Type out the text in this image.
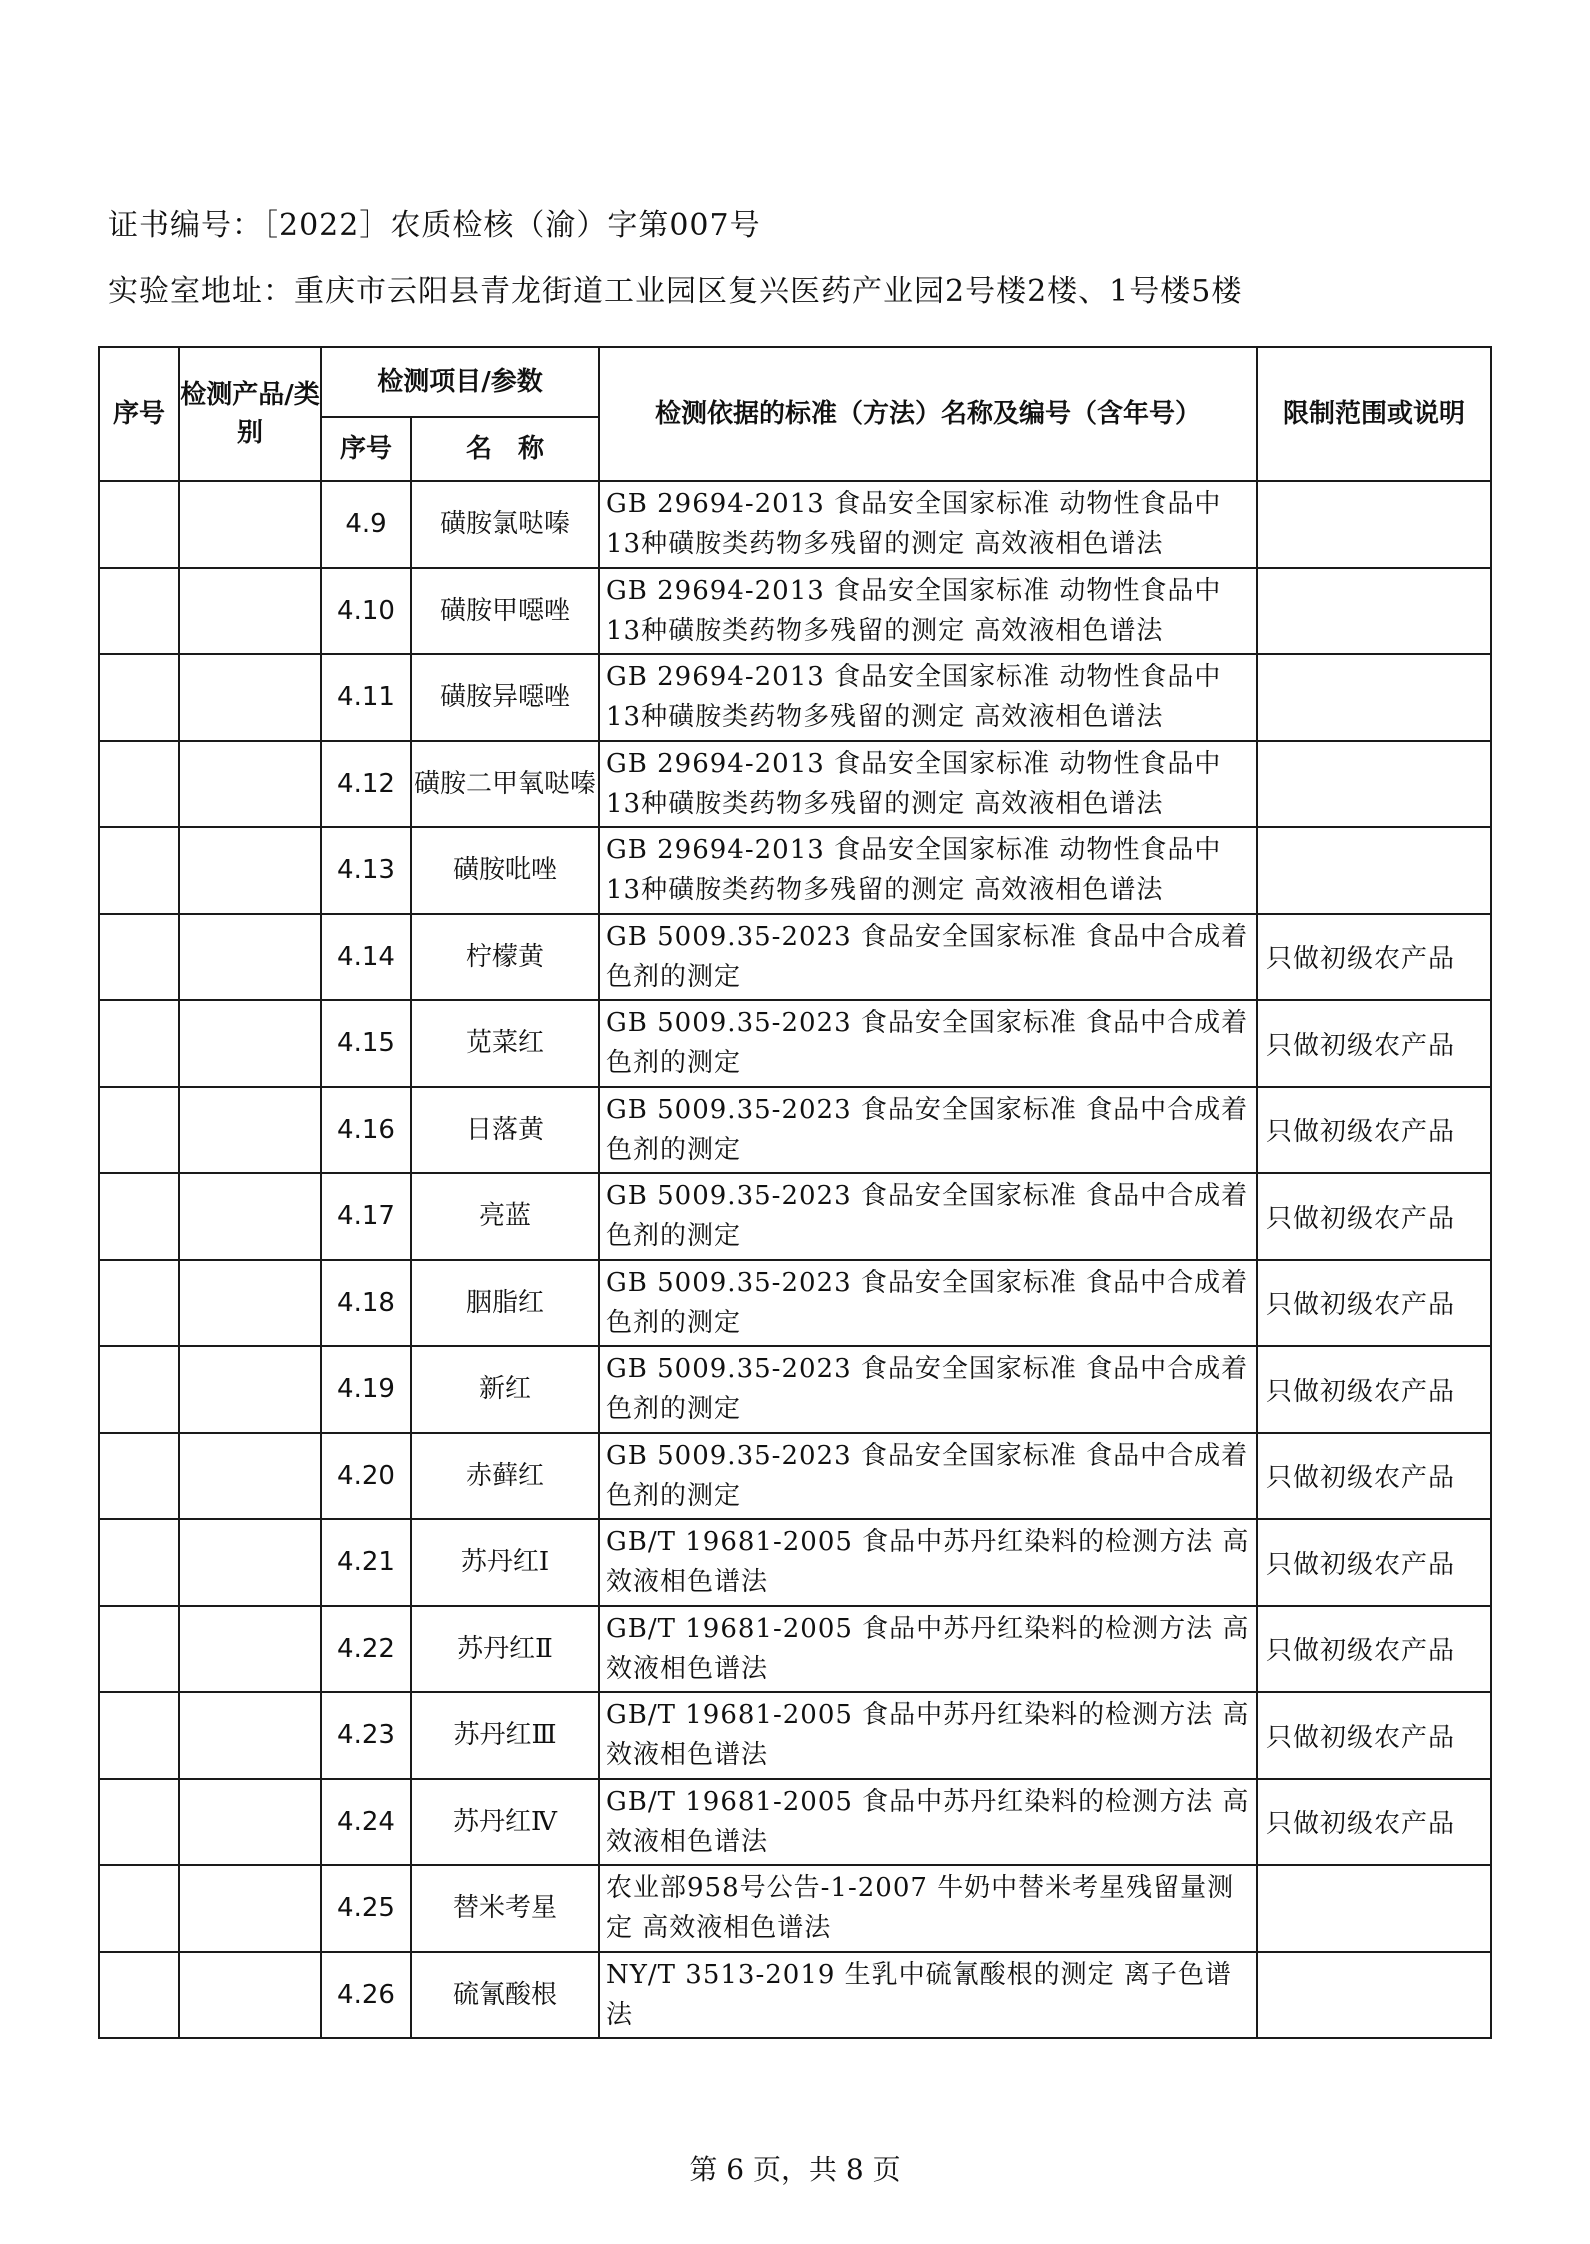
证书编号：［2022］农质检核（渝）字第007号
实验室地址：重庆市云阳县青龙街道工业园区复兴医药产业园2号楼2楼、1号楼5楼
序号	检测产品/类别	检测项目/参数		检测依据的标准（方法）名称及编号（含年号）	限制范围或说明
		序号	名　称		
		4.9	磺胺氯哒嗪	GB 29694-2013 食品安全国家标准 动物性食品中13种磺胺类药物多残留的测定 高效液相色谱法	
		4.10	磺胺甲噁唑	GB 29694-2013 食品安全国家标准 动物性食品中13种磺胺类药物多残留的测定 高效液相色谱法	
		4.11	磺胺异噁唑	GB 29694-2013 食品安全国家标准 动物性食品中13种磺胺类药物多残留的测定 高效液相色谱法	
		4.12	磺胺二甲氧哒嗪	GB 29694-2013 食品安全国家标准 动物性食品中13种磺胺类药物多残留的测定 高效液相色谱法	
		4.13	磺胺吡唑	GB 29694-2013 食品安全国家标准 动物性食品中13种磺胺类药物多残留的测定 高效液相色谱法	
		4.14	柠檬黄	GB 5009.35-2023 食品安全国家标准 食品中合成着色剂的测定	只做初级农产品
		4.15	苋菜红	GB 5009.35-2023 食品安全国家标准 食品中合成着色剂的测定	只做初级农产品
		4.16	日落黄	GB 5009.35-2023 食品安全国家标准 食品中合成着色剂的测定	只做初级农产品
		4.17	亮蓝	GB 5009.35-2023 食品安全国家标准 食品中合成着色剂的测定	只做初级农产品
		4.18	胭脂红	GB 5009.35-2023 食品安全国家标准 食品中合成着色剂的测定	只做初级农产品
		4.19	新红	GB 5009.35-2023 食品安全国家标准 食品中合成着色剂的测定	只做初级农产品
		4.20	赤藓红	GB 5009.35-2023 食品安全国家标准 食品中合成着色剂的测定	只做初级农产品
		4.21	苏丹红Ⅰ	GB/T 19681-2005 食品中苏丹红染料的检测方法 高效液相色谱法	只做初级农产品
		4.22	苏丹红Ⅱ	GB/T 19681-2005 食品中苏丹红染料的检测方法 高效液相色谱法	只做初级农产品
		4.23	苏丹红Ⅲ	GB/T 19681-2005 食品中苏丹红染料的检测方法 高效液相色谱法	只做初级农产品
		4.24	苏丹红Ⅳ	GB/T 19681-2005 食品中苏丹红染料的检测方法 高效液相色谱法	只做初级农产品
		4.25	替米考星	农业部958号公告-1-2007 牛奶中替米考星残留量测定 高效液相色谱法	
		4.26	硫氰酸根	NY/T 3513-2019 生乳中硫氰酸根的测定 离子色谱法	
第 6 页，共 8 页
